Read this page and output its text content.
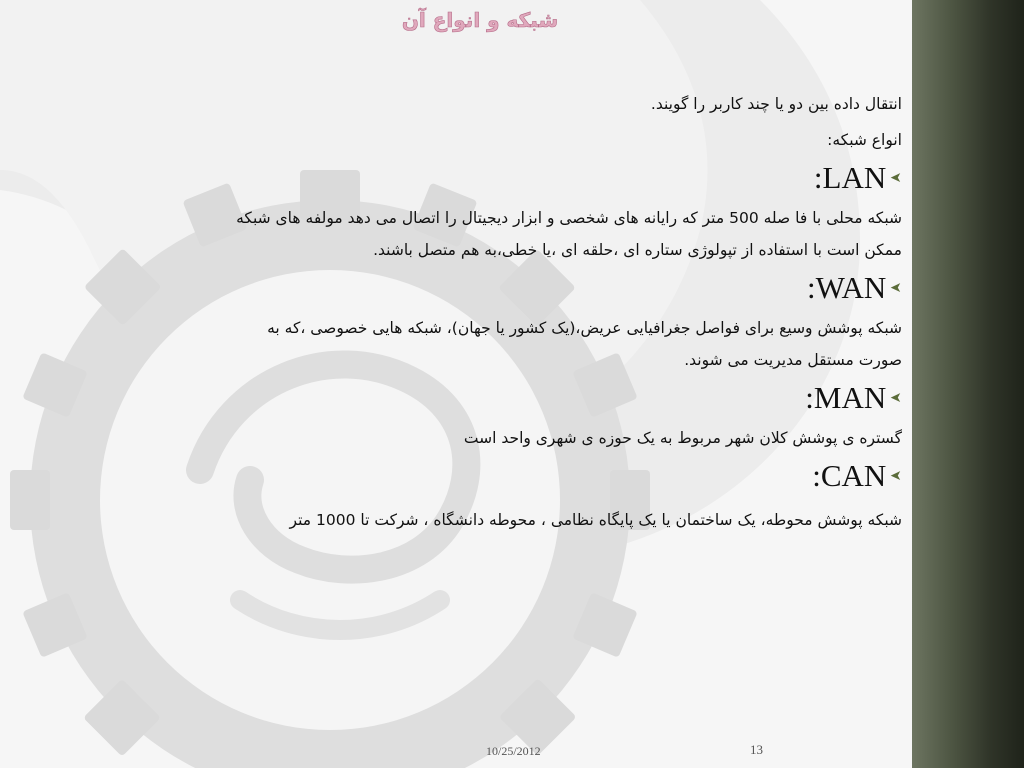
شبکه و انواع آن

انتقال داده بین دو یا چند کاربر را گویند.

انواع شبکه:

➤
LAN
:

شبکه محلی با فا صله 500 متر که رایانه های شخصی و ابزار دیجیتال را اتصال می دهد مولفه های شبکه

ممکن است با استفاده از تپولوژی ستاره ای ،حلقه ای ،یا خطی،به هم متصل باشند.

➤
WAN
:

شبکه پوشش وسیع برای فواصل جغرافیایی عریض،(یک کشور یا جهان)، شبکه هایی خصوصی ،که به

صورت مستقل مدیریت می شوند.

➤
MAN
:

گستره ی پوشش کلان شهر مربوط به یک حوزه ی شهری واحد است

➤
CAN
:

شبکه پوشش محوطه، یک ساختمان یا یک پایگاه نظامی ، محوطه دانشگاه ، شرکت تا 1000 متر

10/25/2012	13
